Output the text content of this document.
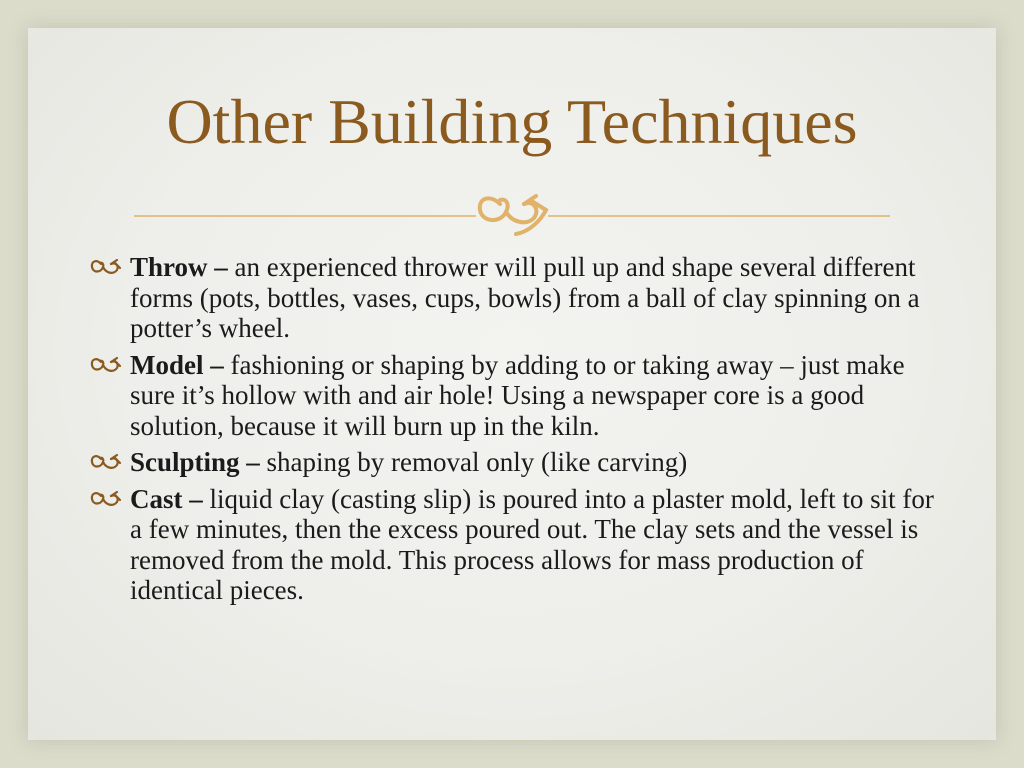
Other Building Techniques
Throw – an experienced thrower will pull up and shape several different forms (pots, bottles, vases, cups, bowls) from a ball of clay spinning on a potter’s wheel.
Model – fashioning or shaping by adding to or taking away – just make sure it’s hollow with and air hole! Using a newspaper core is a good solution, because it will burn up in the kiln.
Sculpting – shaping by removal only (like carving)
Cast – liquid clay (casting slip) is poured into a plaster mold, left to sit for a few minutes, then the excess poured out. The clay sets and the vessel is removed from the mold. This process allows for mass production of identical pieces.
